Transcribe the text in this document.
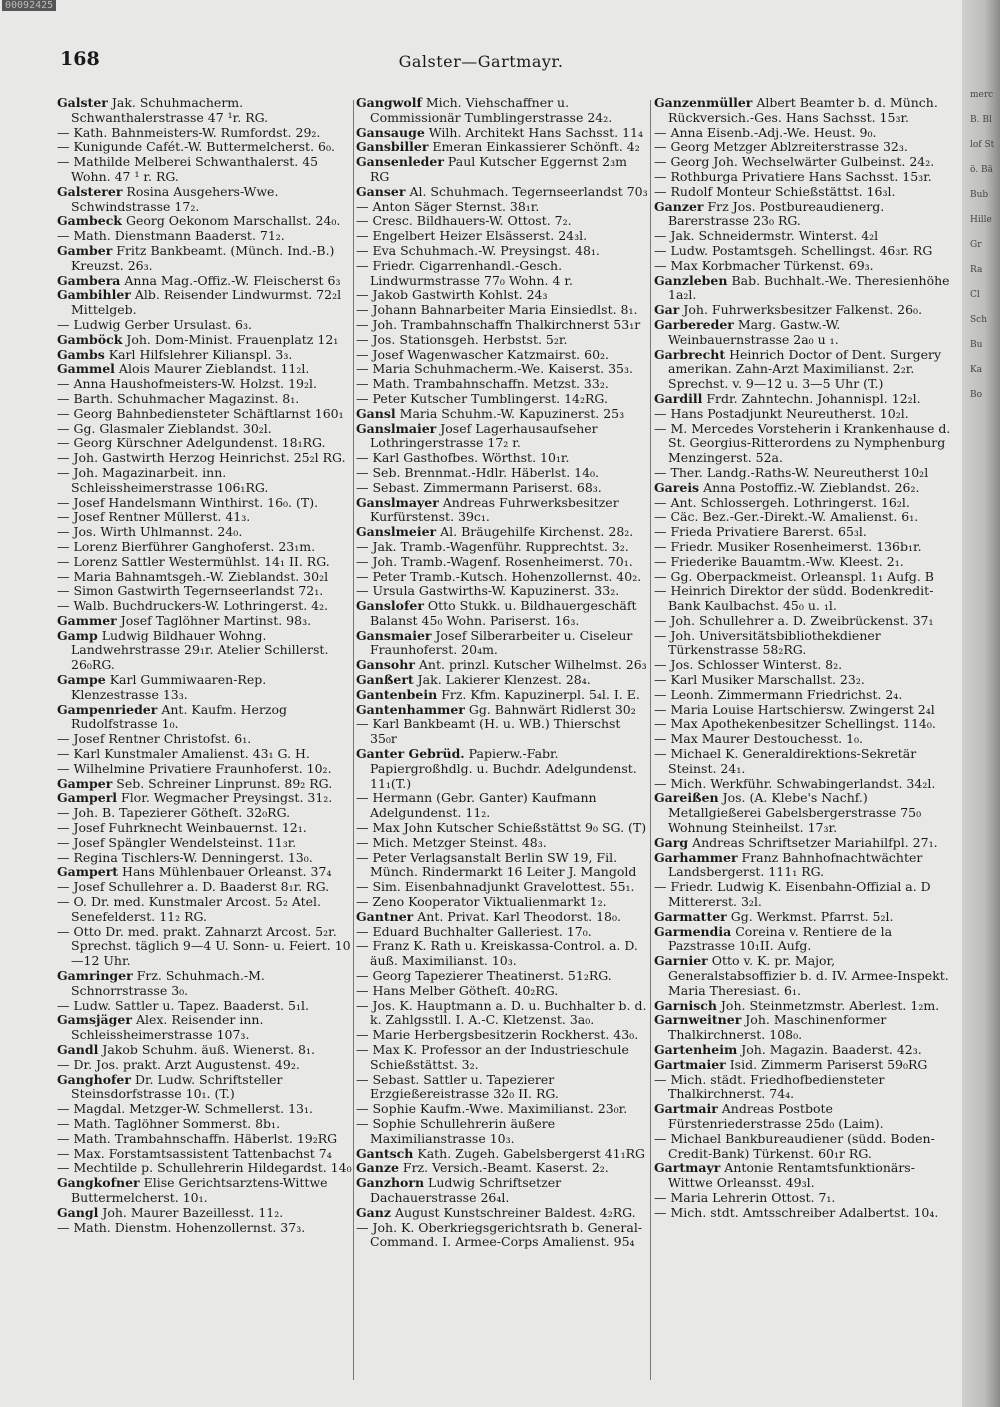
00092425
168	Galster—Gartmayr.

Galster Jak. Schuhmacherm. Schwanthalerstrasse 47 ¹r. RG.

— Kath. Bahnmeisters-W. Rumfordst. 29₂.

— Kunigunde Cafét.-W. Buttermelcherst. 6₀.

— Mathilde Melberei Schwanthalerst. 45 Wohn. 47 ¹ r. RG.

Galsterer Rosina Ausgehers-Wwe. Schwindstrasse 17₂.

Gambeck Georg Oekonom Marschallst. 24₀.

— Math. Dienstmann Baaderst. 71₂.

Gamber Fritz Bankbeamt. (Münch. Ind.-B.) Kreuzst. 26₃.

Gambera Anna Mag.-Offiz.-W. Fleischerst 6₃

Gambihler Alb. Reisender Lindwurmst. 72₂l Mittelgeb.

— Ludwig Gerber Ursulast. 6₃.

Gamböck Joh. Dom-Minist. Frauenplatz 12₁

Gambs Karl Hilfslehrer Kilianspl. 3₃.

Gammel Alois Maurer Zieblandst. 11₂l.

— Anna Haushofmeisters-W. Holzst. 19₂l.

— Barth. Schuhmacher Magazinst. 8₁.

— Georg Bahnbediensteter Schäftlarnst 160₁

— Gg. Glasmaler Zieblandst. 30₂l.

— Georg Kürschner Adelgundenst. 18₁RG.

— Joh. Gastwirth Herzog Heinrichst. 25₂l RG.

— Joh. Magazinarbeit. inn. Schleissheimerstrasse 106₁RG.

— Josef Handelsmann Winthirst. 16₀. (T).

— Josef Rentner Müllerst. 41₃.

— Jos. Wirth Uhlmannst. 24₀.

— Lorenz Bierführer Ganghoferst. 23₁m.

— Lorenz Sattler Westermühlst. 14₁ II. RG.

— Maria Bahnamtsgeh.-W. Zieblandst. 30₂l

— Simon Gastwirth Tegernseerlandst 72₁.

— Walb. Buchdruckers-W. Lothringerst. 4₂.

Gammer Josef Taglöhner Martinst. 98₃.

Gamp Ludwig Bildhauer Wohng. Landwehrstrasse 29₁r. Atelier Schillerst. 26₀RG.

Gampe Karl Gummiwaaren-Rep. Klenzestrasse 13₃.

Gampenrieder Ant. Kaufm. Herzog Rudolfstrasse 1₀.

— Josef Rentner Christofst. 6₁.

— Karl Kunstmaler Amalienst. 43₁ G. H.

— Wilhelmine Privatiere Fraunhoferst. 10₂.

Gamper Seb. Schreiner Linprunst. 89₂ RG.

Gamperl Flor. Wegmacher Preysingst. 31₂.

— Joh. B. Tapezierer Götheſt. 32₀RG.

— Josef Fuhrknecht Weinbauernst. 12₁.

— Josef Spängler Wendelsteinst. 11₃r.

— Regina Tischlers-W. Denningerst. 13₀.

Gampert Hans Mühlenbauer Orleanst. 37₄

— Josef Schullehrer a. D. Baaderst 8₁r. RG.

— O. Dr. med. Kunstmaler Arcost. 5₂ Atel. Senefelderst. 11₂ RG.

— Otto Dr. med. prakt. Zahnarzt Arcost. 5₂r. Sprechst. täglich 9—4 U. Sonn- u. Feiert. 10—12 Uhr.

Gamringer Frz. Schuhmach.-M. Schnorrstrasse 3₀.

— Ludw. Sattler u. Tapez. Baaderst. 5₁l.

Gamsjäger Alex. Reisender inn. Schleissheimerstrasse 107₃.

Gandl Jakob Schuhm. äuß. Wienerst. 8₁.

— Dr. Jos. prakt. Arzt Augustenst. 49₂.

Ganghofer Dr. Ludw. Schriftsteller Steinsdorfstrasse 10₁. (T.)

— Magdal. Metzger-W. Schmellerst. 13₁.

— Math. Taglöhner Sommerst. 8b₁.

— Math. Trambahnschaffn. Häberlst. 19₂RG

— Max. Forstamtsassistent Tattenbachst 7₄

— Mechtilde p. Schullehrerin Hildegardst. 14₀

Gangkofner Elise Gerichtsarztens-Wittwe Buttermelcherst. 10₁.

Gangl Joh. Maurer Bazeillesst. 11₂.

— Math. Dienstm. Hohenzollernst. 37₃.

Gangwolf Mich. Viehschaffner u. Commissionär Tumblingerstrasse 24₂.

Gansauge Wilh. Architekt Hans Sachsst. 11₄

Gansbiller Emeran Einkassierer Schönft. 4₂

Gansenleder Paul Kutscher Eggernst 2₃m RG

Ganser Al. Schuhmach. Tegernseerlandst 70₃

— Anton Säger Sternst. 38₁r.

— Cresc. Bildhauers-W. Ottost. 7₂.

— Engelbert Heizer Elsässerst. 24₃l.

— Eva Schuhmach.-W. Preysingst. 48₁.

— Friedr. Cigarrenhandl.-Gesch. Lindwurmstrasse 77₀ Wohn. 4 r.

— Jakob Gastwirth Kohlst. 24₃

— Johann Bahnarbeiter Maria Einsiedlst. 8₁.

— Joh. Trambahnschaffn Thalkirchnerst 53₁r

— Jos. Stationsgeh. Herbstst. 5₂r.

— Josef Wagenwascher Katzmairst. 60₂.

— Maria Schuhmacherm.-We. Kaiserst. 35₃.

— Math. Trambahnschaffn. Metzst. 33₂.

— Peter Kutscher Tumblingerst. 14₂RG.

Gansl Maria Schuhm.-W. Kapuzinerst. 25₃

Ganslmaier Josef Lagerhausaufseher Lothringerstrasse 17₂ r.

— Karl Gasthofbes. Wörthst. 10₁r.

— Seb. Brennmat.-Hdlr. Häberlst. 14₀.

— Sebast. Zimmermann Pariserst. 68₃.

Ganslmayer Andreas Fuhrwerksbesitzer Kurfürstenst. 39c₁.

Ganslmeier Al. Bräugehilfe Kirchenst. 28₂.

— Jak. Tramb.-Wagenführ. Rupprechtst. 3₂.

— Joh. Tramb.-Wagenf. Rosenheimerst. 70₁.

— Peter Tramb.-Kutsch. Hohenzollernst. 40₂.

— Ursula Gastwirths-W. Kapuzinerst. 33₂.

Ganslofer Otto Stukk. u. Bildhauergeschäft Balanst 45₀ Wohn. Pariserst. 16₃.

Gansmaier Josef Silberarbeiter u. Ciseleur Fraunhoferst. 20₄m.

Gansohr Ant. prinzl. Kutscher Wilhelmst. 26₃

Ganßert Jak. Lakierer Klenzest. 28₄.

Gantenbein Frz. Kfm. Kapuzinerpl. 5₄l. I. E.

Gantenhammer Gg. Bahnwärt Ridlerst 30₂

— Karl Bankbeamt (H. u. WB.) Thierschst 35₀r

Ganter Gebrüd. Papierw.-Fabr. Papiergroßhdlg. u. Buchdr. Adelgundenst. 11₁(T.)

— Hermann (Gebr. Ganter) Kaufmann Adelgundenst. 11₂.

— Max John Kutscher Schießstättst 9₀ SG. (T)

— Mich. Metzger Steinst. 48₃.

— Peter Verlagsanstalt Berlin SW 19, Fil. Münch. Rindermarkt 16 Leiter J. Mangold

— Sim. Eisenbahnadjunkt Gravelottest. 55₁.

— Zeno Kooperator Viktualienmarkt 1₂.

Gantner Ant. Privat. Karl Theodorst. 18₀.

— Eduard Buchhalter Galleriest. 17₀.

— Franz K. Rath u. Kreiskassa-Control. a. D. äuß. Maximilianst. 10₃.

— Georg Tapezierer Theatinerst. 51₂RG.

— Hans Melber Götheſt. 40₂RG.

— Jos. K. Hauptmann a. D. u. Buchhalter b. d. k. Zahlgsstll. I. A.-C. Kletzenst. 3a₀.

— Marie Herbergsbesitzerin Rockherst. 43₀.

— Max K. Professor an der Industrieschule Schießstättst. 3₂.

— Sebast. Sattler u. Tapezierer Erzgießereistrasse 32₀ II. RG.

— Sophie Kaufm.-Wwe. Maximilianst. 23₀r.

— Sophie Schullehrerin äußere Maximilianstrasse 10₃.

Gantsch Kath. Zugeh. Gabelsbergerst 41₁RG

Ganze Frz. Versich.-Beamt. Kaserst. 2₂.

Ganzhorn Ludwig Schriftsetzer Dachauerstrasse 26₄l.

Ganz August Kunstschreiner Baldest. 4₂RG.

— Joh. K. Oberkriegsgerichtsrath b. General-Command. I. Armee-Corps Amalienst. 95₄

Ganzenmüller Albert Beamter b. d. Münch. Rückversich.-Ges. Hans Sachsst. 15₃r.

— Anna Eisenb.-Adj.-We. Heust. 9₀.

— Georg Metzger Ablzreiterstrasse 32₃.

— Georg Joh. Wechselwärter Gulbeinst. 24₂.

— Rothburga Privatiere Hans Sachsst. 15₃r.

— Rudolf Monteur Schießstättst. 16₃l.

Ganzer Frz Jos. Postbureaudienerg. Barerstrasse 23₀ RG.

— Jak. Schneidermstr. Winterst. 4₂l

— Ludw. Postamtsgeh. Schellingst. 46₃r. RG

— Max Korbmacher Türkenst. 69₃.

Ganzleben Bab. Buchhalt.-We. Theresienhöhe 1a₂l.

Gar Joh. Fuhrwerksbesitzer Falkenst. 26₀.

Garbereder Marg. Gastw.-W. Weinbauernstrasse 2a₀ u ₁.

Garbrecht Heinrich Doctor of Dent. Surgery amerikan. Zahn-Arzt Maximilianst. 2₂r. Sprechst. v. 9—12 u. 3—5 Uhr (T.)

Gardill Frdr. Zahntechn. Johannispl. 12₂l.

— Hans Postadjunkt Neureutherst. 10₂l.

— M. Mercedes Vorsteherin i Krankenhause d. St. Georgius-Ritterordens zu Nymphenburg Menzingerst. 52a.

— Ther. Landg.-Raths-W. Neureutherst 10₂l

Gareis Anna Postoffiz.-W. Zieblandst. 26₂.

— Ant. Schlossergeh. Lothringerst. 16₂l.

— Cäc. Bez.-Ger.-Direkt.-W. Amalienst. 6₁.

— Frieda Privatiere Barerst. 65₃l.

— Friedr. Musiker Rosenheimerst. 136b₁r.

— Friederike Bauamtm.-Ww. Kleest. 2₁.

— Gg. Oberpackmeist. Orleanspl. 1₁ Aufg. B

— Heinrich Direktor der südd. Bodenkredit-Bank Kaulbachst. 45₀ u. ₁l.

— Joh. Schullehrer a. D. Zweibrückenst. 37₁

— Joh. Universitätsbibliothekdiener Türkenstrasse 58₂RG.

— Jos. Schlosser Winterst. 8₂.

— Karl Musiker Marschallst. 23₂.

— Leonh. Zimmermann Friedrichst. 2₄.

— Maria Louise Hartschiersw. Zwingerst 2₄l

— Max Apothekenbesitzer Schellingst. 114₀.

— Max Maurer Destouchesst. 1₀.

— Michael K. Generaldirektions-Sekretär Steinst. 24₁.

— Mich. Werkführ. Schwabingerlandst. 34₂l.

Gareißen Jos. (A. Klebe's Nachf.) Metallgießerei Gabelsbergerstrasse 75₀ Wohnung Steinheilst. 17₃r.

Garg Andreas Schriftsetzer Mariahilfpl. 27₁.

Garhammer Franz Bahnhofnachtwächter Landsbergerst. 111₁ RG.

— Friedr. Ludwig K. Eisenbahn-Offizial a. D Mittererst. 3₂l.

Garmatter Gg. Werkmst. Pfarrst. 5₂l.

Garmendia Coreina v. Rentiere de la Pazstrasse 10₁II. Aufg.

Garnier Otto v. K. pr. Major, Generalstabsoffizier b. d. IV. Armee-Inspekt. Maria Theresiast. 6₁.

Garnisch Joh. Steinmetzmstr. Aberlest. 1₂m.

Garnweitner Joh. Maschinenformer Thalkirchnerst. 108₀.

Gartenheim Joh. Magazin. Baaderst. 42₃.

Gartmaier Isid. Zimmerm Pariserst 59₀RG

— Mich. städt. Friedhofbediensteter Thalkirchnerst. 74₄.

Gartmair Andreas Postbote Fürstenriederstrasse 25d₀ (Laim).

— Michael Bankbureaudiener (südd. Boden-Credit-Bank) Türkenst. 60₁r RG.

Gartmayr Antonie Rentamtsfunktionärs-Wittwe Orleansst. 49₃l.

— Maria Lehrerin Ottost. 7₁.

— Mich. stdt. Amtsschreiber Adalbertst. 10₄.

merc
B. Bl
lof St
ö. Bä
Bub
Hille
Gr
Ra
Cl
Sch
Bu
Ka
Bo
